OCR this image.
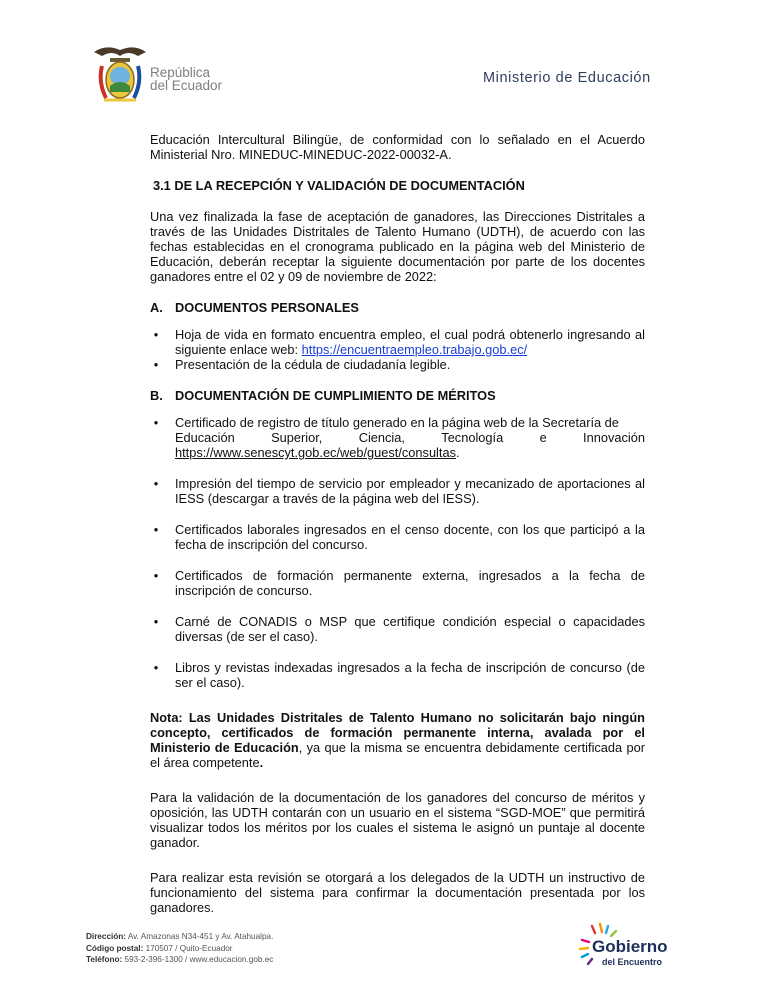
República
del Ecuador	Ministerio de Educación

Educación Intercultural Bilingüe, de conformidad con lo señalado en el Acuerdo Ministerial Nro. MINEDUC-MINEDUC-2022-00032-A.

3.1 DE LA RECEPCIÓN Y VALIDACIÓN DE DOCUMENTACIÓN

Una vez finalizada la fase de aceptación de ganadores, las Direcciones Distritales a través de las Unidades Distritales de Talento Humano (UDTH), de acuerdo con las fechas establecidas en el cronograma publicado en la página web del Ministerio de Educación, deberán receptar la siguiente documentación por parte de los docentes ganadores entre el 02 y 09 de noviembre de 2022:

A. DOCUMENTOS PERSONALES
• Hoja de vida en formato encuentra empleo, el cual podrá obtenerlo ingresando al siguiente enlace web: https://encuentraempleo.trabajo.gob.ec/
• Presentación de la cédula de ciudadanía legible.
B. DOCUMENTACIÓN DE CUMPLIMIENTO DE MÉRITOS
• Certificado de registro de título generado en la página web de la Secretaría de
Educación	Superior,	Ciencia,	Tecnología	e	Innovación
https://www.senescyt.gob.ec/web/guest/consultas.
• Impresión del tiempo de servicio por empleador y mecanizado de aportaciones al IESS (descargar a través de la página web del IESS).
• Certificados laborales ingresados en el censo docente, con los que participó a la fecha de inscripción del concurso.
• Certificados de formación permanente externa, ingresados a la fecha de inscripción de concurso.
• Carné de CONADIS o MSP que certifique condición especial o capacidades diversas (de ser el caso).
• Libros y revistas indexadas ingresados a la fecha de inscripción de concurso (de ser el caso).

Nota: Las Unidades Distritales de Talento Humano no solicitarán bajo ningún concepto, certificados de formación permanente interna, avalada por el Ministerio de Educación, ya que la misma se encuentra debidamente certificada por el área competente.

Para la validación de la documentación de los ganadores del concurso de méritos y oposición, las UDTH contarán con un usuario en el sistema “SGD-MOE” que permitirá visualizar todos los méritos por los cuales el sistema le asignó un puntaje al docente ganador.

Para realizar esta revisión se otorgará a los delegados de la UDTH un instructivo de funcionamiento del sistema para confirmar la documentación presentada por los ganadores.

Dirección: Av. Amazonas N34-451 y Av. Atahualpa.
Código postal: 170507 / Quito-Ecuador
Teléfono: 593-2-396-1300 / www.educacion.gob.ec
Gobierno
del Encuentro
